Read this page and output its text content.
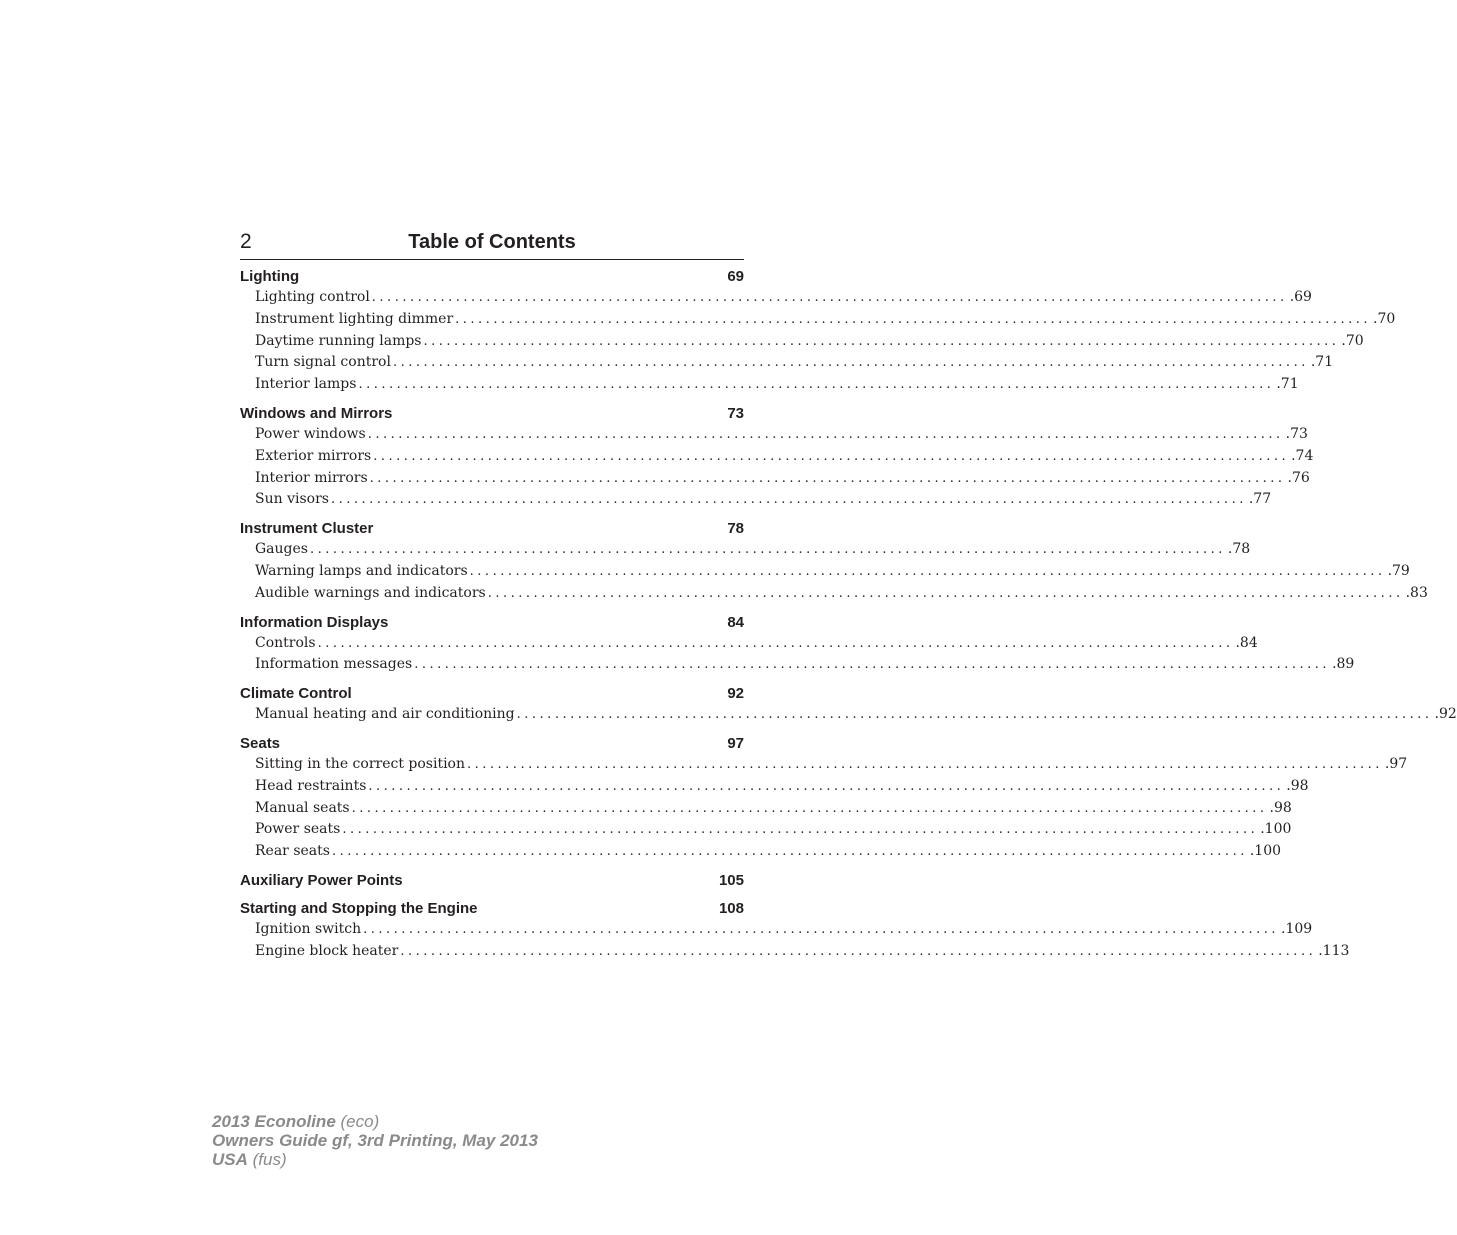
2	Table of Contents
Lighting	69
Lighting control ........................................................................................................................ .69
Instrument lighting dimmer ........................................................................................................................ .70
Daytime running lamps ........................................................................................................................ .70
Turn signal control ........................................................................................................................ .71
Interior lamps ........................................................................................................................ .71
Windows and Mirrors	73
Power windows ........................................................................................................................ .73
Exterior mirrors ........................................................................................................................ .74
Interior mirrors ........................................................................................................................ .76
Sun visors ........................................................................................................................ .77
Instrument Cluster	78
Gauges ........................................................................................................................ .78
Warning lamps and indicators ........................................................................................................................ .79
Audible warnings and indicators ........................................................................................................................ .83
Information Displays	84
Controls ........................................................................................................................ .84
Information messages ........................................................................................................................ .89
Climate Control	92
Manual heating and air conditioning ........................................................................................................................ .92
Seats	97
Sitting in the correct position ........................................................................................................................ .97
Head restraints ........................................................................................................................ .98
Manual seats ........................................................................................................................ .98
Power seats ........................................................................................................................ .100
Rear seats ........................................................................................................................ .100
Auxiliary Power Points	105
Starting and Stopping the Engine	108
Ignition switch ........................................................................................................................ .109
Engine block heater ........................................................................................................................ .113
2013 Econoline (eco)
Owners Guide gf, 3rd Printing, May 2013
USA (fus)
